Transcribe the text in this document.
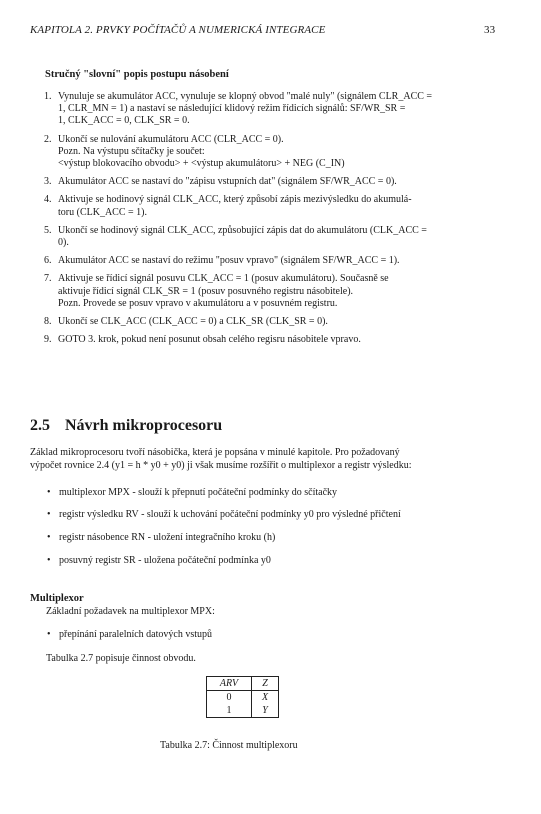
KAPITOLA 2. PRVKY POČÍTAČŮ A NUMERICKÁ INTEGRACE	33
Stručný "slovní" popis postupu násobení
1. Vynuluje se akumulátor ACC, vynuluje se klopný obvod "malé nuly" (signálem CLR_ACC =
1, CLR_MN = 1) a nastaví se následující klidový režim řídicích signálů: SF/WR_SR =
1, CLK_ACC = 0, CLK_SR = 0.
2. Ukončí se nulování akumulátoru ACC (CLR_ACC = 0).
Pozn. Na výstupu sčítačky je součet:
<výstup blokovacího obvodu> + <výstup akumulátoru> + NEG (C_IN)
3. Akumulátor ACC se nastaví do "zápisu vstupních dat" (signálem SF/WR_ACC = 0).
4. Aktivuje se hodinový signál CLK_ACC, který způsobí zápis mezivýsledku do akumulá-
toru (CLK_ACC = 1).
5. Ukončí se hodinový signál CLK_ACC, způsobující zápis dat do akumulátoru (CLK_ACC =
0).
6. Akumulátor ACC se nastaví do režimu "posuv vpravo" (signálem SF/WR_ACC = 1).
7. Aktivuje se řídicí signál posuvu CLK_ACC = 1 (posuv akumulátoru). Současně se
aktivuje řídicí signál CLK_SR = 1 (posuv posuvného registru násobitele).
Pozn. Provede se posuv vpravo v akumulátoru a v posuvném registru.
8. Ukončí se CLK_ACC (CLK_ACC = 0) a CLK_SR (CLK_SR = 0).
9. GOTO 3. krok, pokud není posunut obsah celého regisru násobitele vpravo.
2.5 Návrh mikroprocesoru
Základ mikroprocesoru tvoří násobička, která je popsána v minulé kapitole. Pro požadovaný
výpočet rovnice 2.4 (y1 = h * y0 + y0) ji však musíme rozšířit o multiplexor a registr výsledku:
• multiplexor MPX - slouží k přepnutí počáteční podmínky do sčítačky
• registr výsledku RV - slouží k uchování počáteční podmínky y0 pro výsledné přičtení
• registr násobence RN - uložení integračního kroku (h)
• posuvný registr SR - uložena počáteční podmínka y0
Multiplexor
Základní požadavek na multiplexor MPX:
• přepínání paralelních datových vstupů
Tabulka 2.7 popisuje činnost obvodu.
ARV	Z
0	X
1	Y
Tabulka 2.7: Činnost multiplexoru
